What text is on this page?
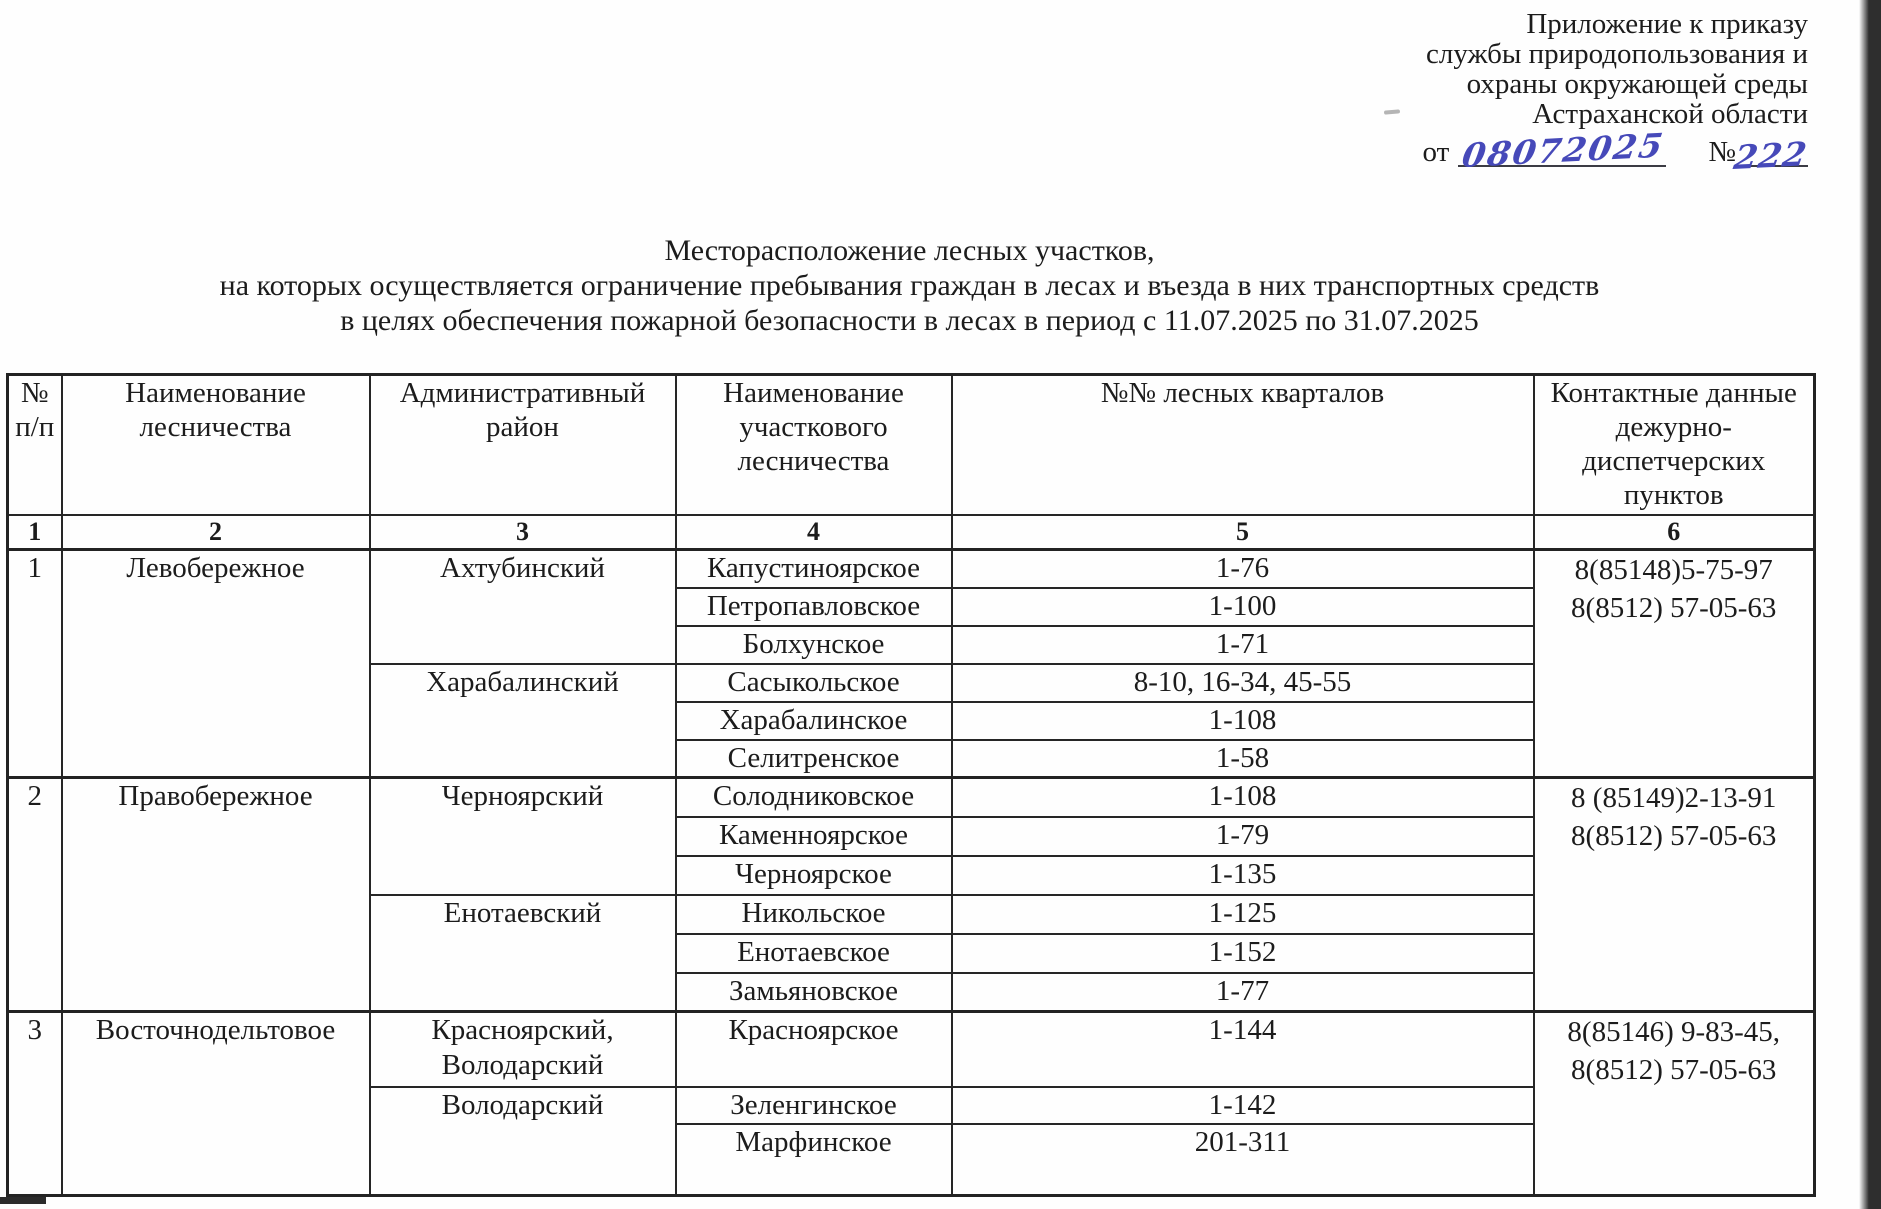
Приложение к приказу
службы природопользования и
охраны окружающей среды
Астраханской области
от 08072025 №
222
Месторасположение лесных участков,
на которых осуществляется ограничение пребывания граждан в лесах и въезда в них транспортных средств
в целях обеспечения пожарной безопасности в лесах в период с 11.07.2025 по 31.07.2025
№ п/п	Наименование лесничества	Административный район	Наименование участкового лесничества	№№ лесных кварталов	Контактные данные дежурно-диспетчерских пунктов
1	2	3	4	5	6
1	Левобережное	Ахтубинский	Капустиноярское	1-76	8(85148)5-75-97
8(8512) 57-05-63

			Петропавловское	1-100	
			Болхунское	1-71	
		Харабалинский	Сасыкольское	8-10, 16-34, 45-55	
			Харабалинское	1-108	
			Селитренское	1-58	
2	Правобережное	Черноярский	Солодниковское	1-108	8 (85149)2-13-91
8(8512) 57-05-63

			Каменноярское	1-79	
			Черноярское	1-135	
		Енотаевский	Никольское	1-125	
			Енотаевское	1-152	
			Замьяновское	1-77	
3	Восточнодельтовое	Красноярский, Володарский	Красноярское	1-144	8(85146) 9-83-45,
8(8512) 57-05-63

		Володарский	Зеленгинское	1-142	
			Марфинское	201-311	
